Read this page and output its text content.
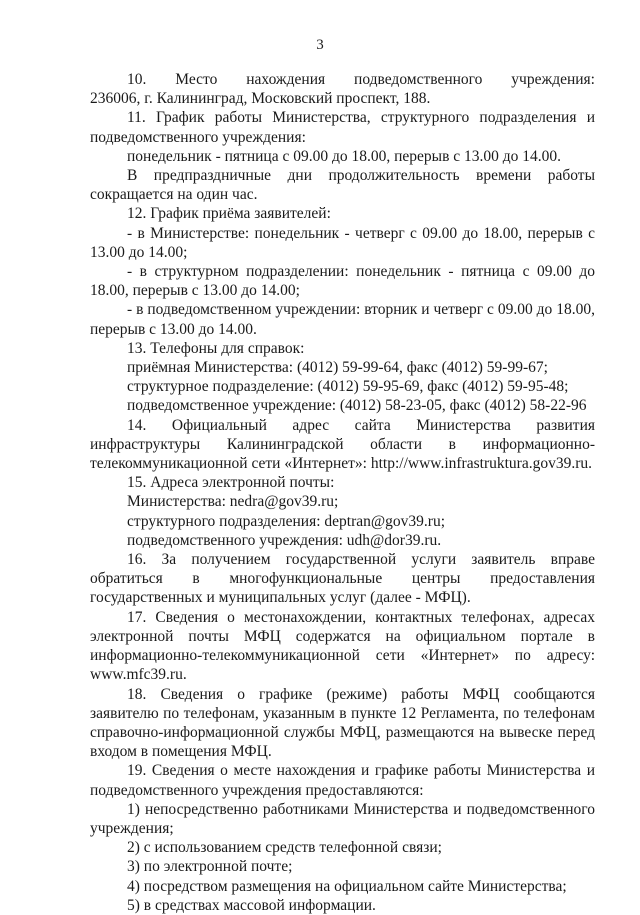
3

10. Место нахождения подведомственного учреждения:

236006, г. Калининград, Московский проспект, 188.

11. График работы Министерства, структурного подразделения и подведомственного учреждения:

понедельник - пятница с 09.00 до 18.00, перерыв с 13.00 до 14.00.

В предпраздничные дни продолжительность времени работы сокращается на один час.

12. График приёма заявителей:

- в Министерстве: понедельник - четверг с 09.00 до 18.00, перерыв с 13.00 до 14.00;

- в структурном подразделении: понедельник - пятница с 09.00 до 18.00, перерыв с 13.00 до 14.00;

- в подведомственном учреждении: вторник и четверг с 09.00 до 18.00, перерыв с 13.00 до 14.00.

13. Телефоны для справок:

приёмная Министерства: (4012) 59-99-64, факс (4012) 59-99-67;

структурное подразделение: (4012) 59-95-69, факс (4012) 59-95-48;

подведомственное учреждение: (4012) 58-23-05, факс (4012) 58-22-96

14. Официальный адрес сайта Министерства развития инфраструктуры Калининградской области в информационно-телекоммуникационной сети «Интернет»: http://www.infrastruktura.gov39.ru.

15. Адреса электронной почты:

Министерства: nedra@gov39.ru;

структурного подразделения: deptran@gov39.ru;

подведомственного учреждения: udh@dor39.ru.

16. За получением государственной услуги заявитель вправе обратиться в многофункциональные центры предоставления государственных и муниципальных услуг (далее - МФЦ).

17. Сведения о местонахождении, контактных телефонах, адресах электронной почты МФЦ содержатся на официальном портале в информационно-телекоммуникационной сети «Интернет» по адресу: www.mfc39.ru.

18. Сведения о графике (режиме) работы МФЦ сообщаются заявителю по телефонам, указанным в пункте 12 Регламента, по телефонам справочно-информационной службы МФЦ, размещаются на вывеске перед входом в помещения МФЦ.

19. Сведения о месте нахождения и графике работы Министерства и подведомственного учреждения предоставляются:

1) непосредственно работниками Министерства и подведомственного учреждения;

2) с использованием средств телефонной связи;

3) по электронной почте;

4) посредством размещения на официальном сайте Министерства;

5) в средствах массовой информации.
